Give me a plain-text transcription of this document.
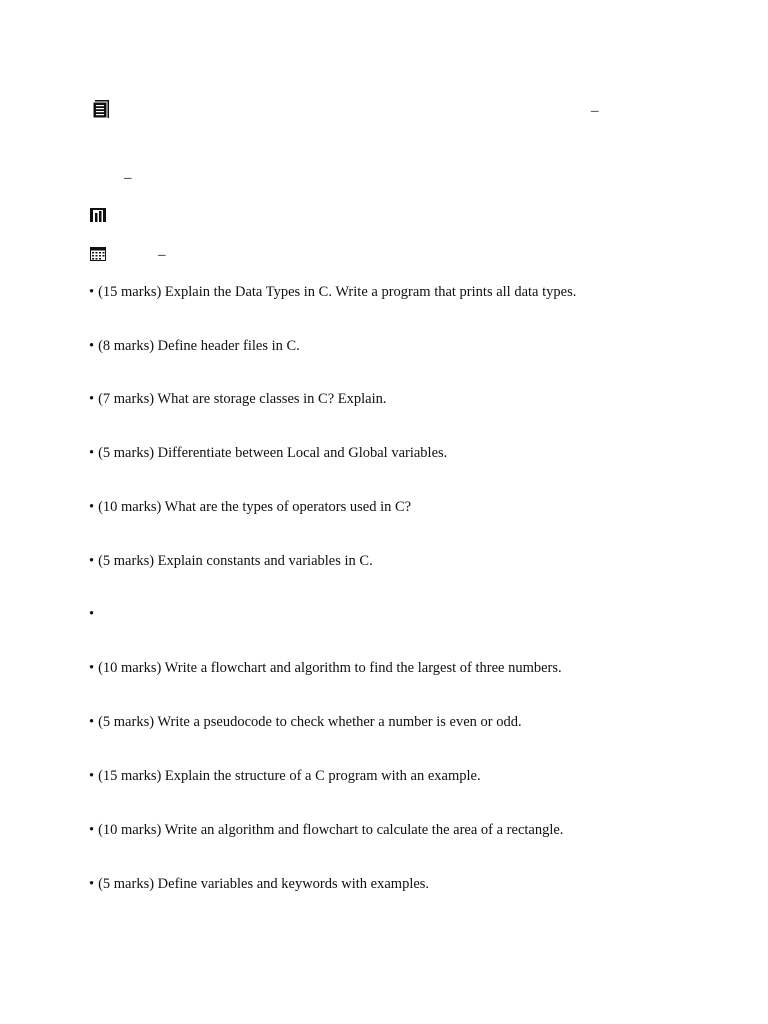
–
–
–
• (15 marks) Explain the Data Types in C. Write a program that prints all data types.
• (8 marks) Define header files in C.
• (7 marks) What are storage classes in C? Explain.
• (5 marks) Differentiate between Local and Global variables.
• (10 marks) What are the types of operators used in C?
• (5 marks) Explain constants and variables in C.
•
• (10 marks) Write a flowchart and algorithm to find the largest of three numbers.
• (5 marks) Write a pseudocode to check whether a number is even or odd.
• (15 marks) Explain the structure of a C program with an example.
• (10 marks) Write an algorithm and flowchart to calculate the area of a rectangle.
• (5 marks) Define variables and keywords with examples.
